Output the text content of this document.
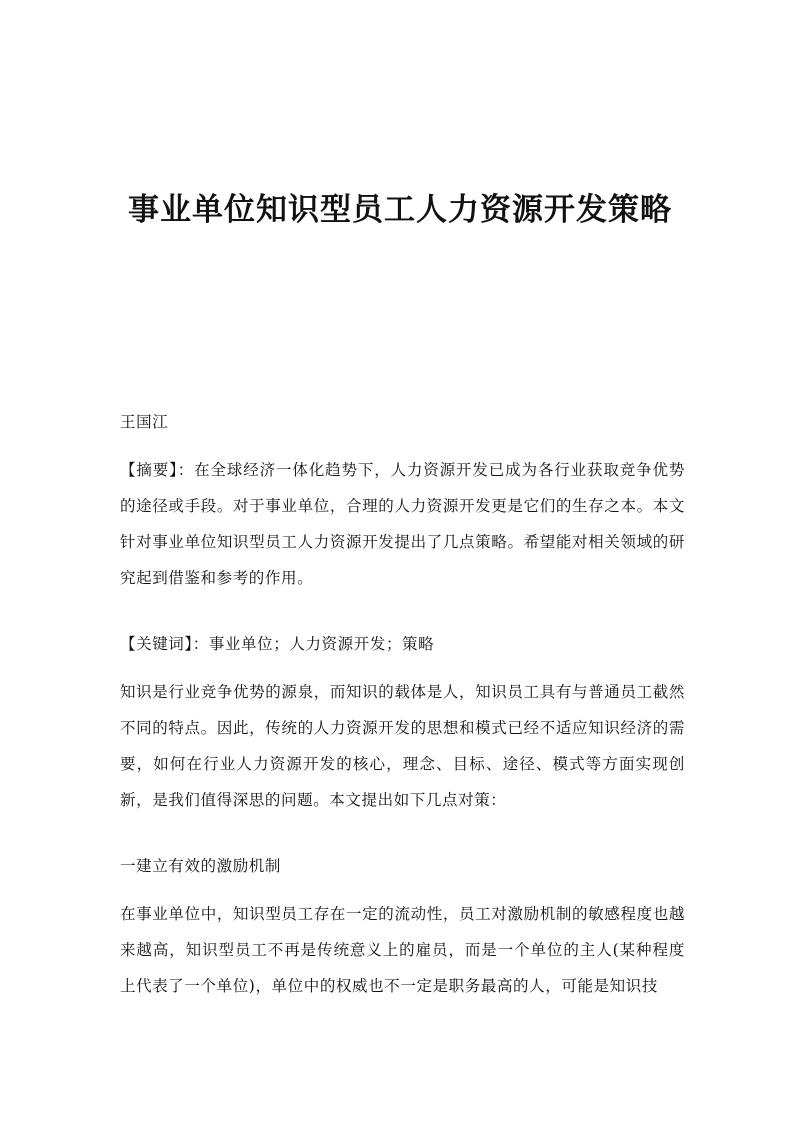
事业单位知识型员工人力资源开发策略

王国江

【摘要】：在全球经济一体化趋势下，人力资源开发已成为各行业获取竞争优势的途径或手段。对于事业单位，合理的人力资源开发更是它们的生存之本。本文针对事业单位知识型员工人力资源开发提出了几点策略。希望能对相关领域的研究起到借鉴和参考的作用。

【关键词】：事业单位；人力资源开发；策略

知识是行业竞争优势的源泉，而知识的载体是人，知识员工具有与普通员工截然不同的特点。因此，传统的人力资源开发的思想和模式已经不适应知识经济的需要，如何在行业人力资源开发的核心，理念、目标、途径、模式等方面实现创新，是我们值得深思的问题。本文提出如下几点对策：

一建立有效的激励机制

在事业单位中，知识型员工存在一定的流动性，员工对激励机制的敏感程度也越来越高，知识型员工不再是传统意义上的雇员，而是一个单位的主人(某种程度上代表了一个单位)，单位中的权威也不一定是职务最高的人，可能是知识技
